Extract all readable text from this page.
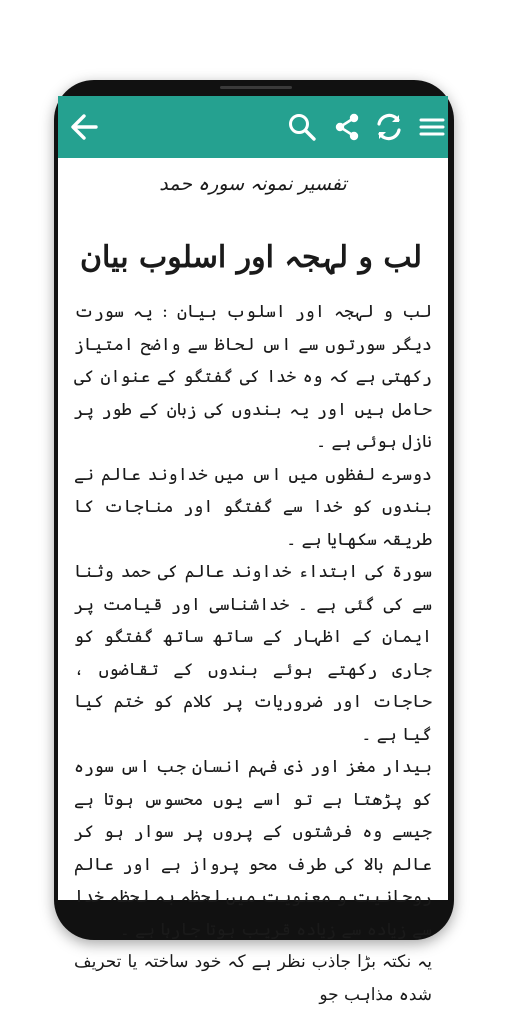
تفسیر نمونہ سورہ حمد
لب و لہجہ اور اسلوب بیان

لب و لہجہ اور اسلوب بیان : یہ سورت دیگر سورتوں سے اس لحاظ سے واضح امتیاز رکھتی ہے کہ وہ خدا کی گفتگو کے عنوان کی حامل ہیں اور یہ بندوں کی زبان کے طور پر نازل ہوئی ہے ۔

دوسرے لفظوں میں اس میں خداوند عالم نے بندوں کو خدا سے گفتگو اور مناجات کا طریقہ سکھایا ہے ۔

سورۃ کی ابتداء خداوند عالم کی حمد وثنا سے کی گئی ہے ۔ خداشناسی اور قیامت پر ایمان کے اظہار کے ساتھ ساتھ گفتگو کو جاری رکھتے ہوئے بندوں کے تقاضوں ، حاجات اور ضروریات پر کلام کو ختم کیا گیا ہے ۔

بیدار مغز اور ذی فہم انسان جب اس سورہ کو پڑھتا ہے تو اسے یوں محسوس ہوتا ہے جیسے وہ فرشتوں کے پروں پر سوار ہو کر عالم بالا کی طرف محو پرواز ہے اور عالم روحانیت و معنویت میں لحظہ بہ لحظہ خدا سے زیادہ سے زیادہ قریب ہوتا جارہا ہے ۔

یہ نکتہ بڑا جاذب نظر ہے کہ خود ساختہ یا تحریف شدہ مذاہب جو
